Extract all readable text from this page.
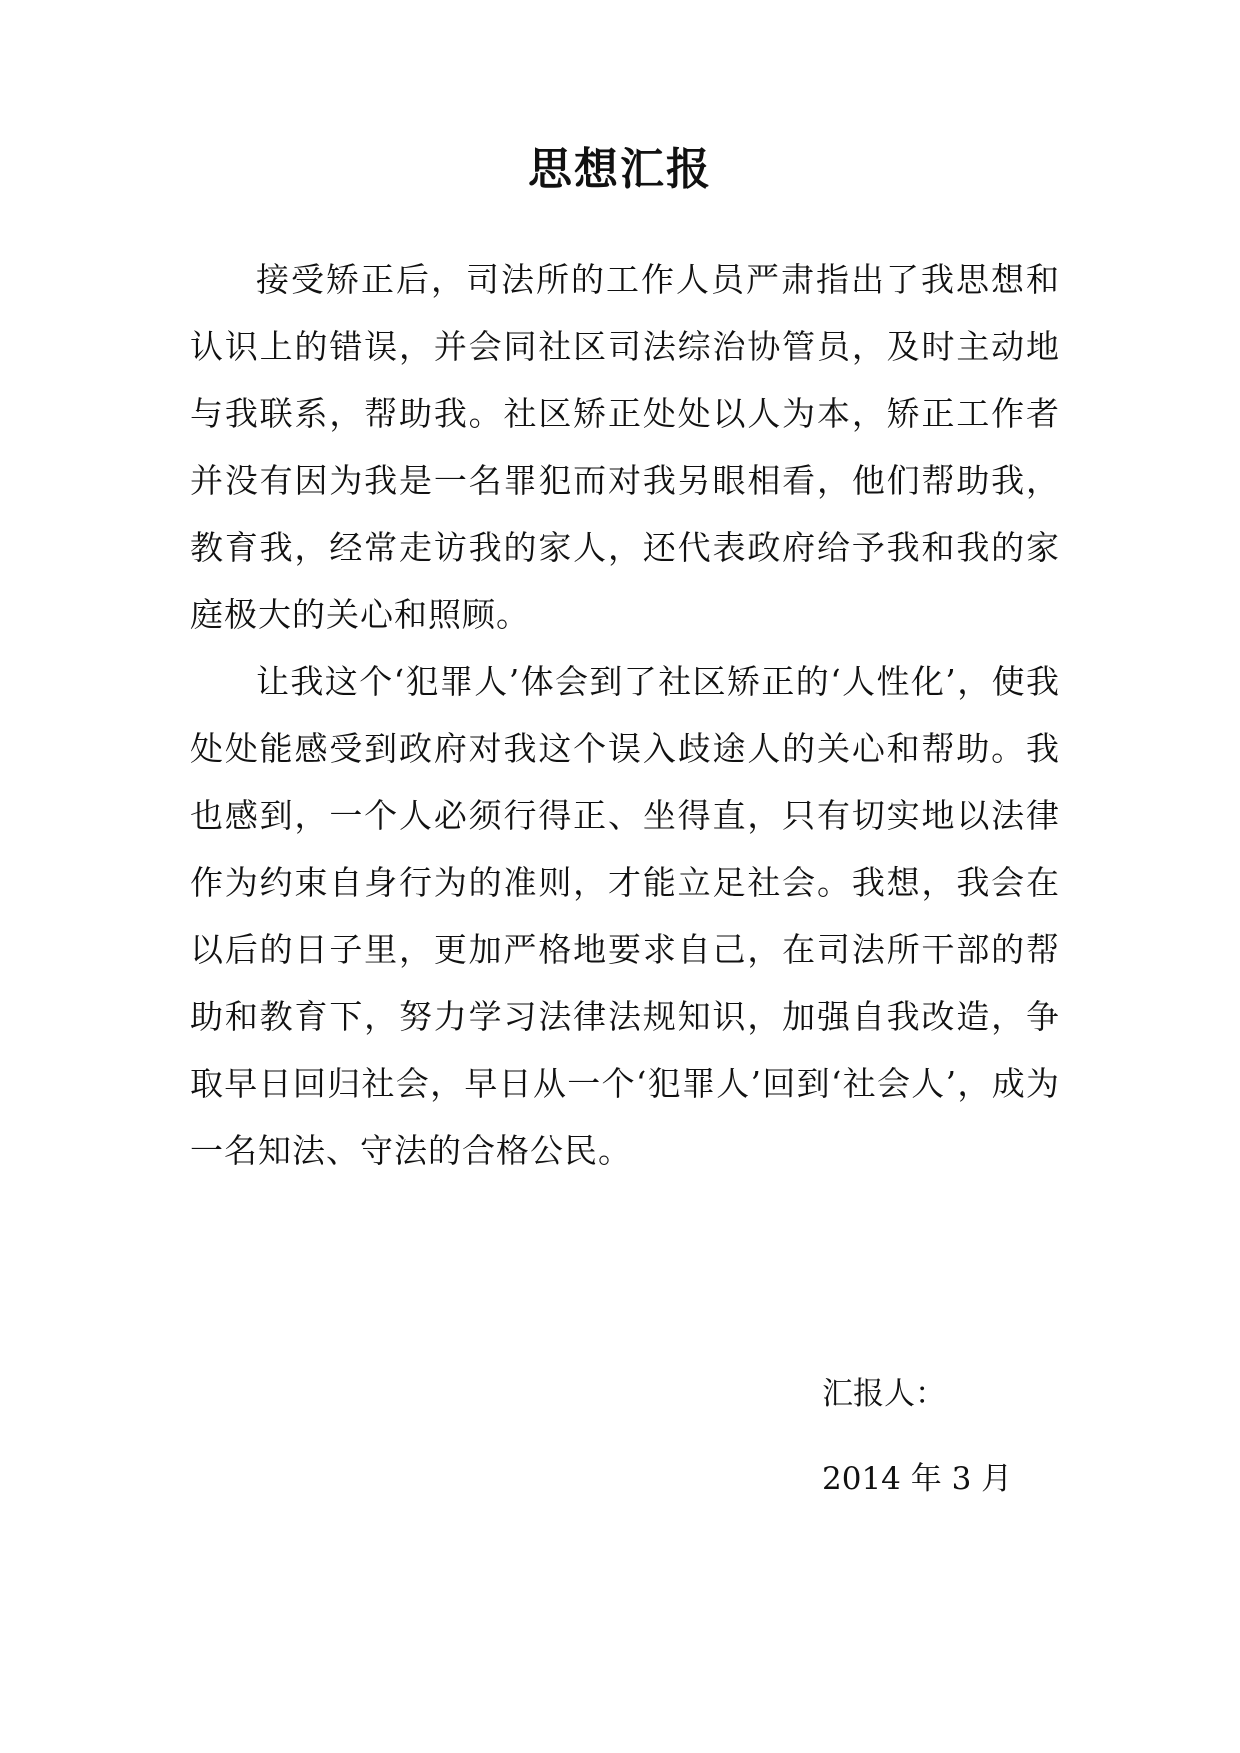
思想汇报

接受矫正后，司法所的工作人员严肃指出了我思想和认识上的错误，并会同社区司法综治协管员，及时主动地与我联系，帮助我。社区矫正处处以人为本，矫正工作者并没有因为我是一名罪犯而对我另眼相看，他们帮助我，教育我，经常走访我的家人，还代表政府给予我和我的家庭极大的关心和照顾。

让我这个‘犯罪人’体会到了社区矫正的‘人性化’，使我处处能感受到政府对我这个误入歧途人的关心和帮助。我也感到，一个人必须行得正、坐得直，只有切实地以法律作为约束自身行为的准则，才能立足社会。我想，我会在以后的日子里，更加严格地要求自己，在司法所干部的帮助和教育下，努力学习法律法规知识，加强自我改造，争取早日回归社会，早日从一个‘犯罪人’回到‘社会人’，成为一名知法、守法的合格公民。

汇报人：
2014 年 3 月
